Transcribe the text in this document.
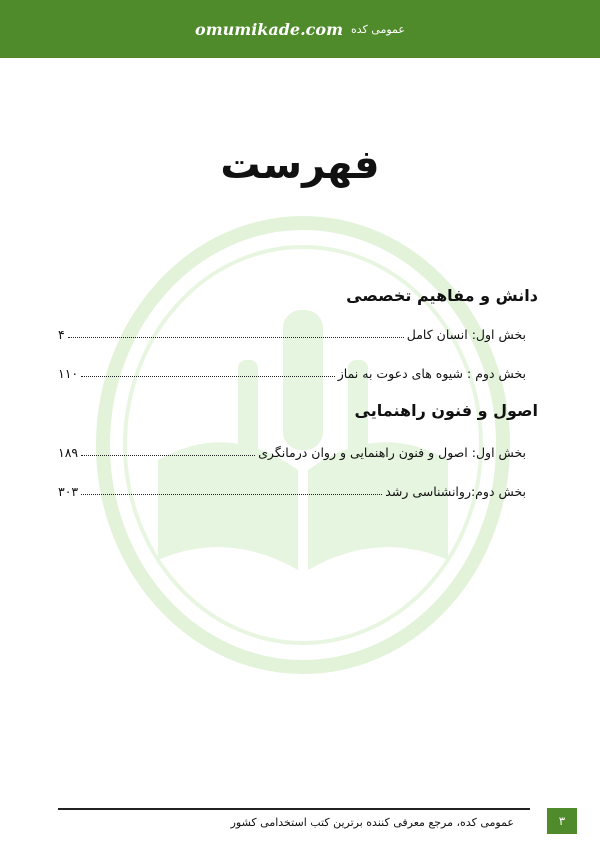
omumikade.com عمومی کده
فهرست
دانش و مفاهیم تخصصی
بخش اول: انسان کامل
۴
بخش دوم : شیوه های دعوت به نماز
۱۱۰
اصول و فنون راهنمایی
بخش اول: اصول و فنون راهنمایی و روان درمانگری
۱۸۹
بخش دوم:روانشناسی رشد
۳۰۳
عمومی کده، مرجع معرفی کننده برترین کتب استخدامی کشور	۳
